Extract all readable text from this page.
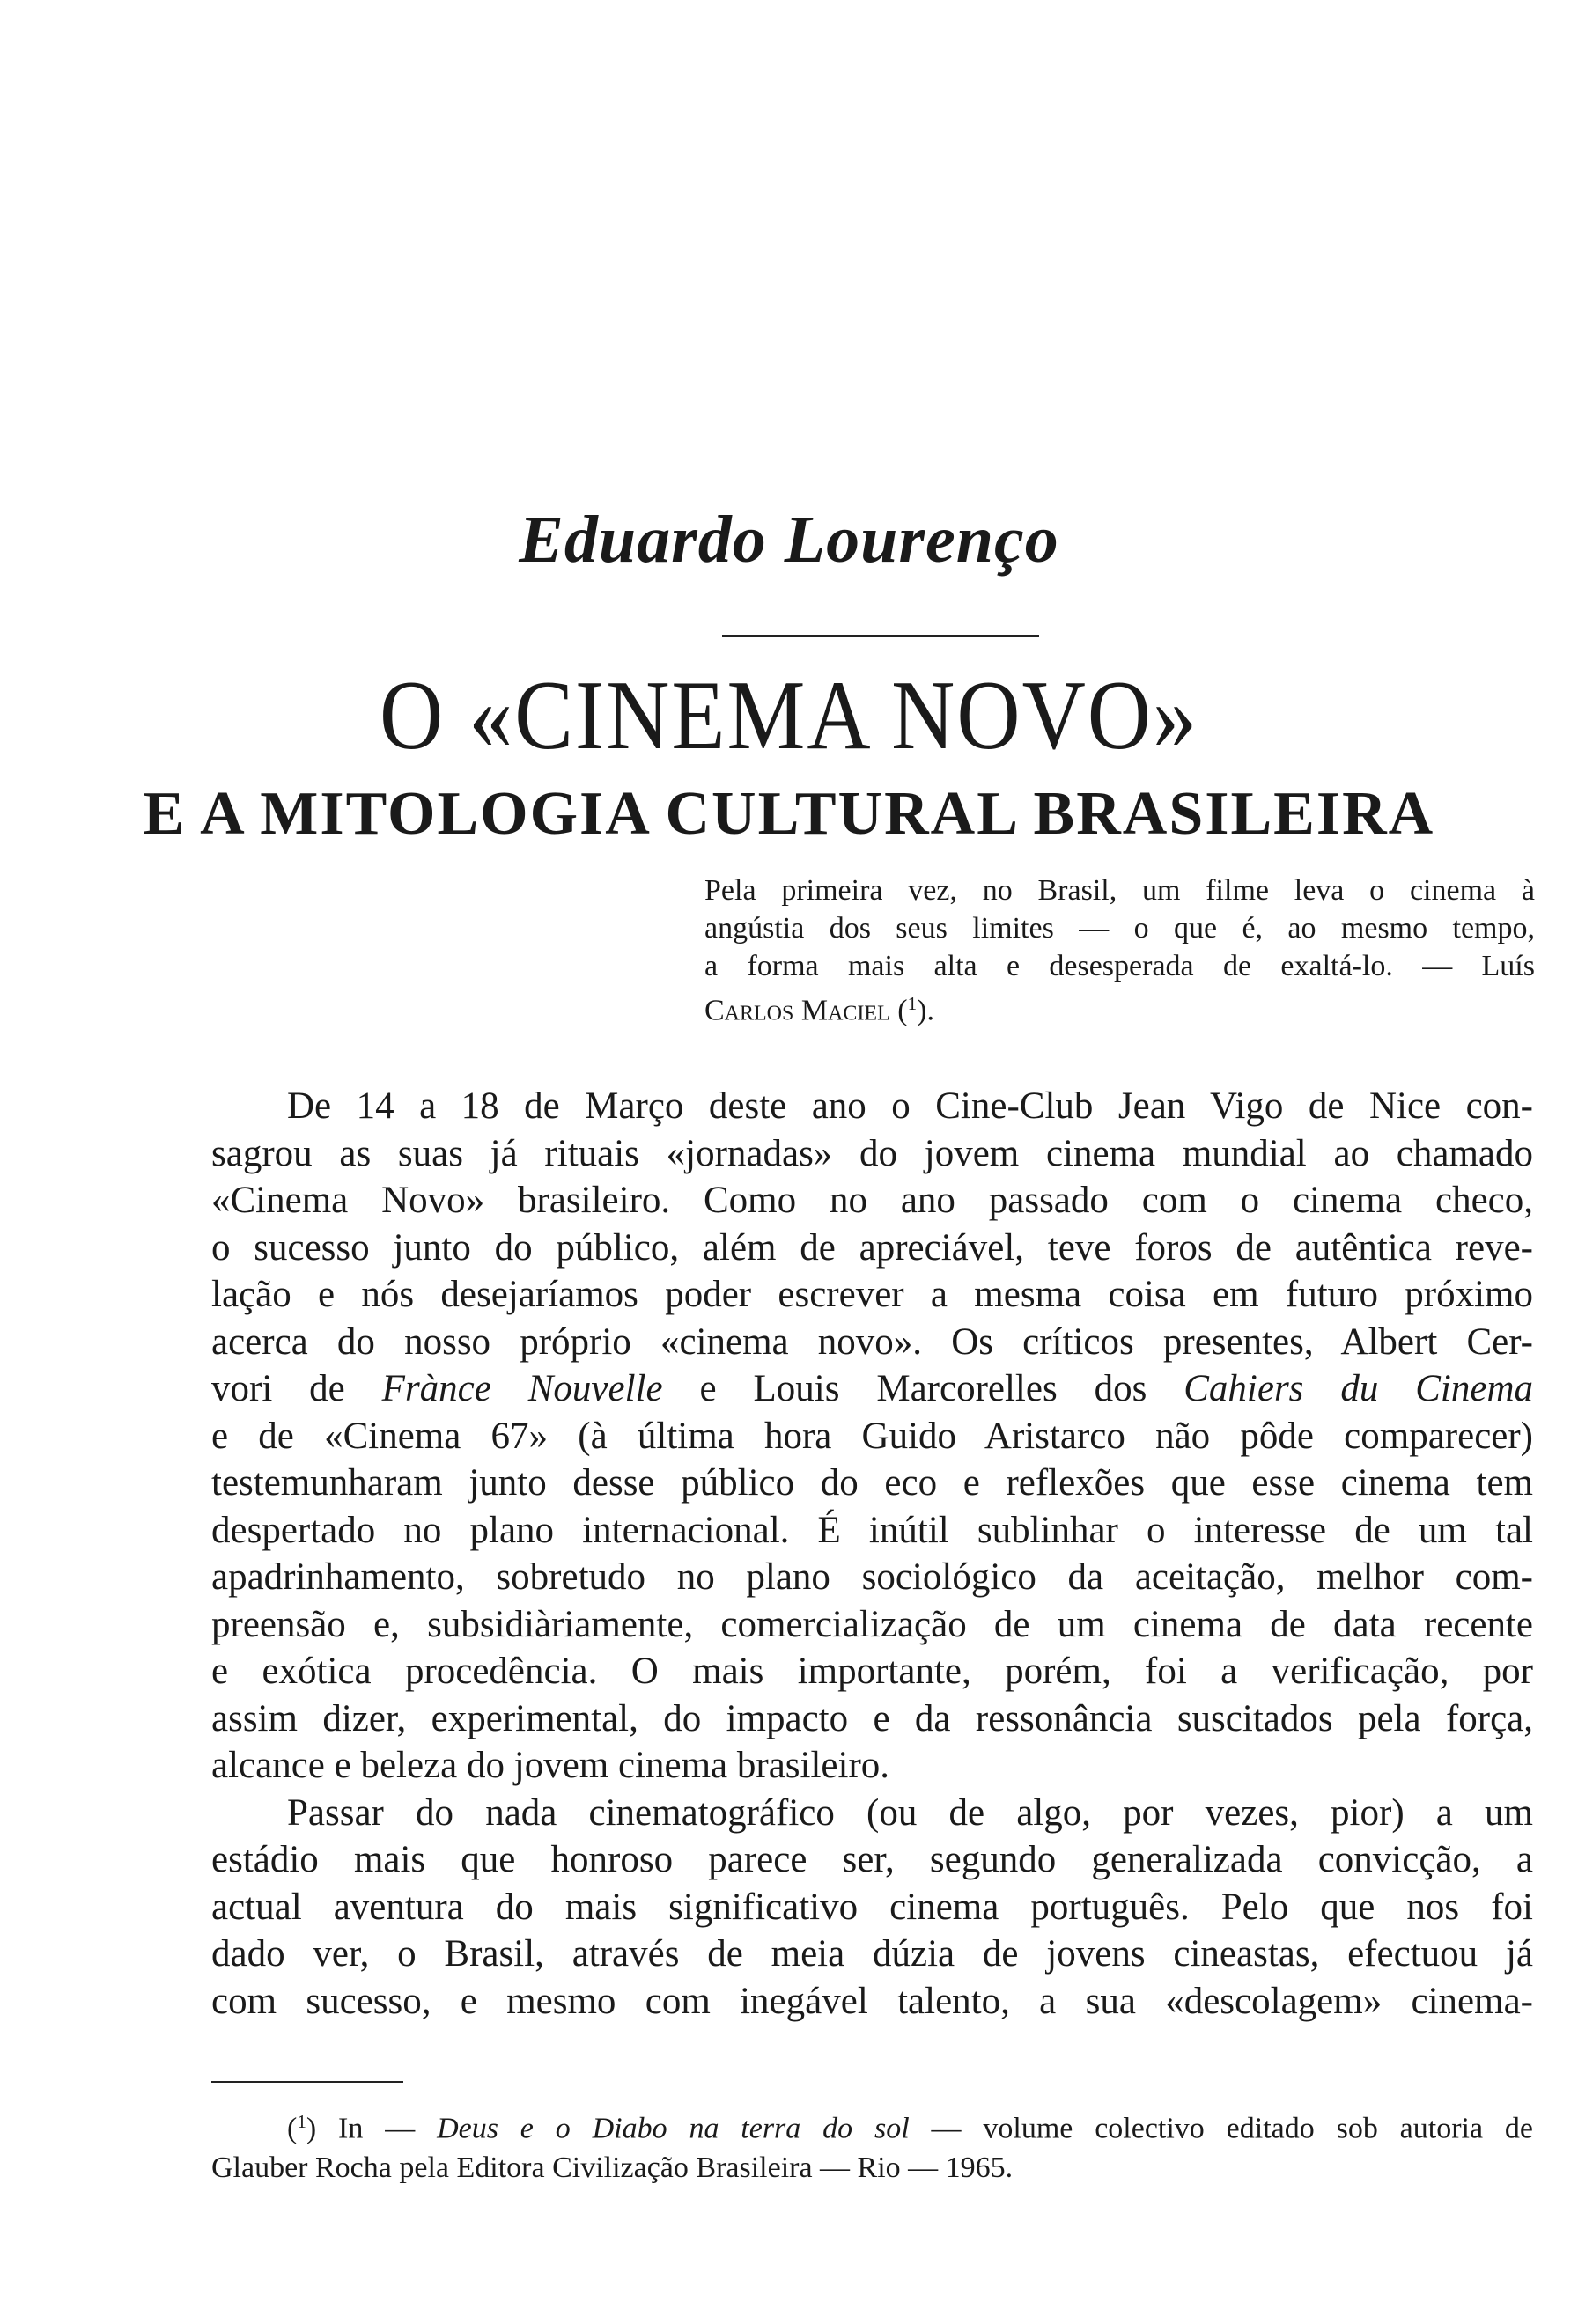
Eduardo Lourenço
O «CINEMA NOVO»
E A MITOLOGIA CULTURAL BRASILEIRA
Pela primeira vez, no Brasil, um filme leva o cinema à
angústia dos seus limites — o que é, ao mesmo tempo,
a forma mais alta e desesperada de exaltá-lo. — Luís
Carlos Maciel ($^1$).
De 14 a 18 de Março deste ano o Cine-Club Jean Vigo de Nice con-
sagrou as suas já rituais «jornadas» do jovem cinema mundial ao chamado
«Cinema Novo» brasileiro. Como no ano passado com o cinema checo,
o sucesso junto do público, além de apreciável, teve foros de autêntica reve-
lação e nós desejaríamos poder escrever a mesma coisa em futuro próximo
acerca do nosso próprio «cinema novo». Os críticos presentes, Albert Cer-
vori de Frànce Nouvelle e Louis Marcorelles dos Cahiers du Cinema
e de «Cinema 67» (à última hora Guido Aristarco não pôde comparecer)
testemunharam junto desse público do eco e reflexões que esse cinema tem
despertado no plano internacional. É inútil sublinhar o interesse de um tal
apadrinhamento, sobretudo no plano sociológico da aceitação, melhor com-
preensão e, subsidiàriamente, comercialização de um cinema de data recente
e exótica procedência. O mais importante, porém, foi a verificação, por
assim dizer, experimental, do impacto e da ressonância suscitados pela força,
alcance e beleza do jovem cinema brasileiro.
Passar do nada cinematográfico (ou de algo, por vezes, pior) a um
estádio mais que honroso parece ser, segundo generalizada convicção, a
actual aventura do mais significativo cinema português. Pelo que nos foi
dado ver, o Brasil, através de meia dúzia de jovens cineastas, efectuou já
com sucesso, e mesmo com inegável talento, a sua «descolagem» cinema-
($^1$) In — Deus e o Diabo na terra do sol — volume colectivo editado sob autoria de
Glauber Rocha pela Editora Civilização Brasileira — Rio — 1965.
